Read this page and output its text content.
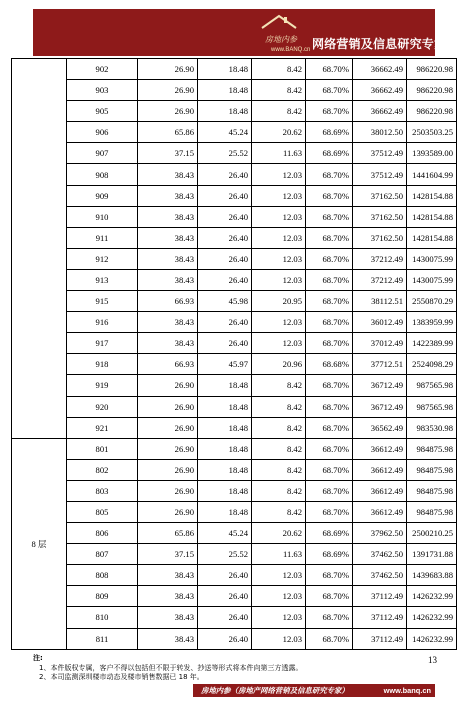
房地内参
www.BANQ.cn 网络营销及信息研究专家
	902	26.90	18.48	8.42	68.70%	36662.49	986220.98
	903	26.90	18.48	8.42	68.70%	36662.49	986220.98
	905	26.90	18.48	8.42	68.70%	36662.49	986220.98
	906	65.86	45.24	20.62	68.69%	38012.50	2503503.25
	907	37.15	25.52	11.63	68.69%	37512.49	1393589.00
	908	38.43	26.40	12.03	68.70%	37512.49	1441604.99
	909	38.43	26.40	12.03	68.70%	37162.50	1428154.88
	910	38.43	26.40	12.03	68.70%	37162.50	1428154.88
	911	38.43	26.40	12.03	68.70%	37162.50	1428154.88
	912	38.43	26.40	12.03	68.70%	37212.49	1430075.99
	913	38.43	26.40	12.03	68.70%	37212.49	1430075.99
	915	66.93	45.98	20.95	68.70%	38112.51	2550870.29
	916	38.43	26.40	12.03	68.70%	36012.49	1383959.99
	917	38.43	26.40	12.03	68.70%	37012.49	1422389.99
	918	66.93	45.97	20.96	68.68%	37712.51	2524098.29
	919	26.90	18.48	8.42	68.70%	36712.49	987565.98
	920	26.90	18.48	8.42	68.70%	36712.49	987565.98
	921	26.90	18.48	8.42	68.70%	36562.49	983530.98
8 层	801	26.90	18.48	8.42	68.70%	36612.49	984875.98
	802	26.90	18.48	8.42	68.70%	36612.49	984875.98
	803	26.90	18.48	8.42	68.70%	36612.49	984875.98
	805	26.90	18.48	8.42	68.70%	36612.49	984875.98
	806	65.86	45.24	20.62	68.69%	37962.50	2500210.25
	807	37.15	25.52	11.63	68.69%	37462.50	1391731.88
	808	38.43	26.40	12.03	68.70%	37462.50	1439683.88
	809	38.43	26.40	12.03	68.70%	37112.49	1426232.99
	810	38.43	26.40	12.03	68.70%	37112.49	1426232.99
	811	38.43	26.40	12.03	68.70%	37112.49	1426232.99
13
注:
1、本件版权专属，客户不得以包括但不限于转发、抄送等形式将本件向第三方透露。
2、本司监测深圳楼市动态及楼市销售数据已 18 年。
房地内参（房地产网络营销及信息研究专家）	www.banq.cn
